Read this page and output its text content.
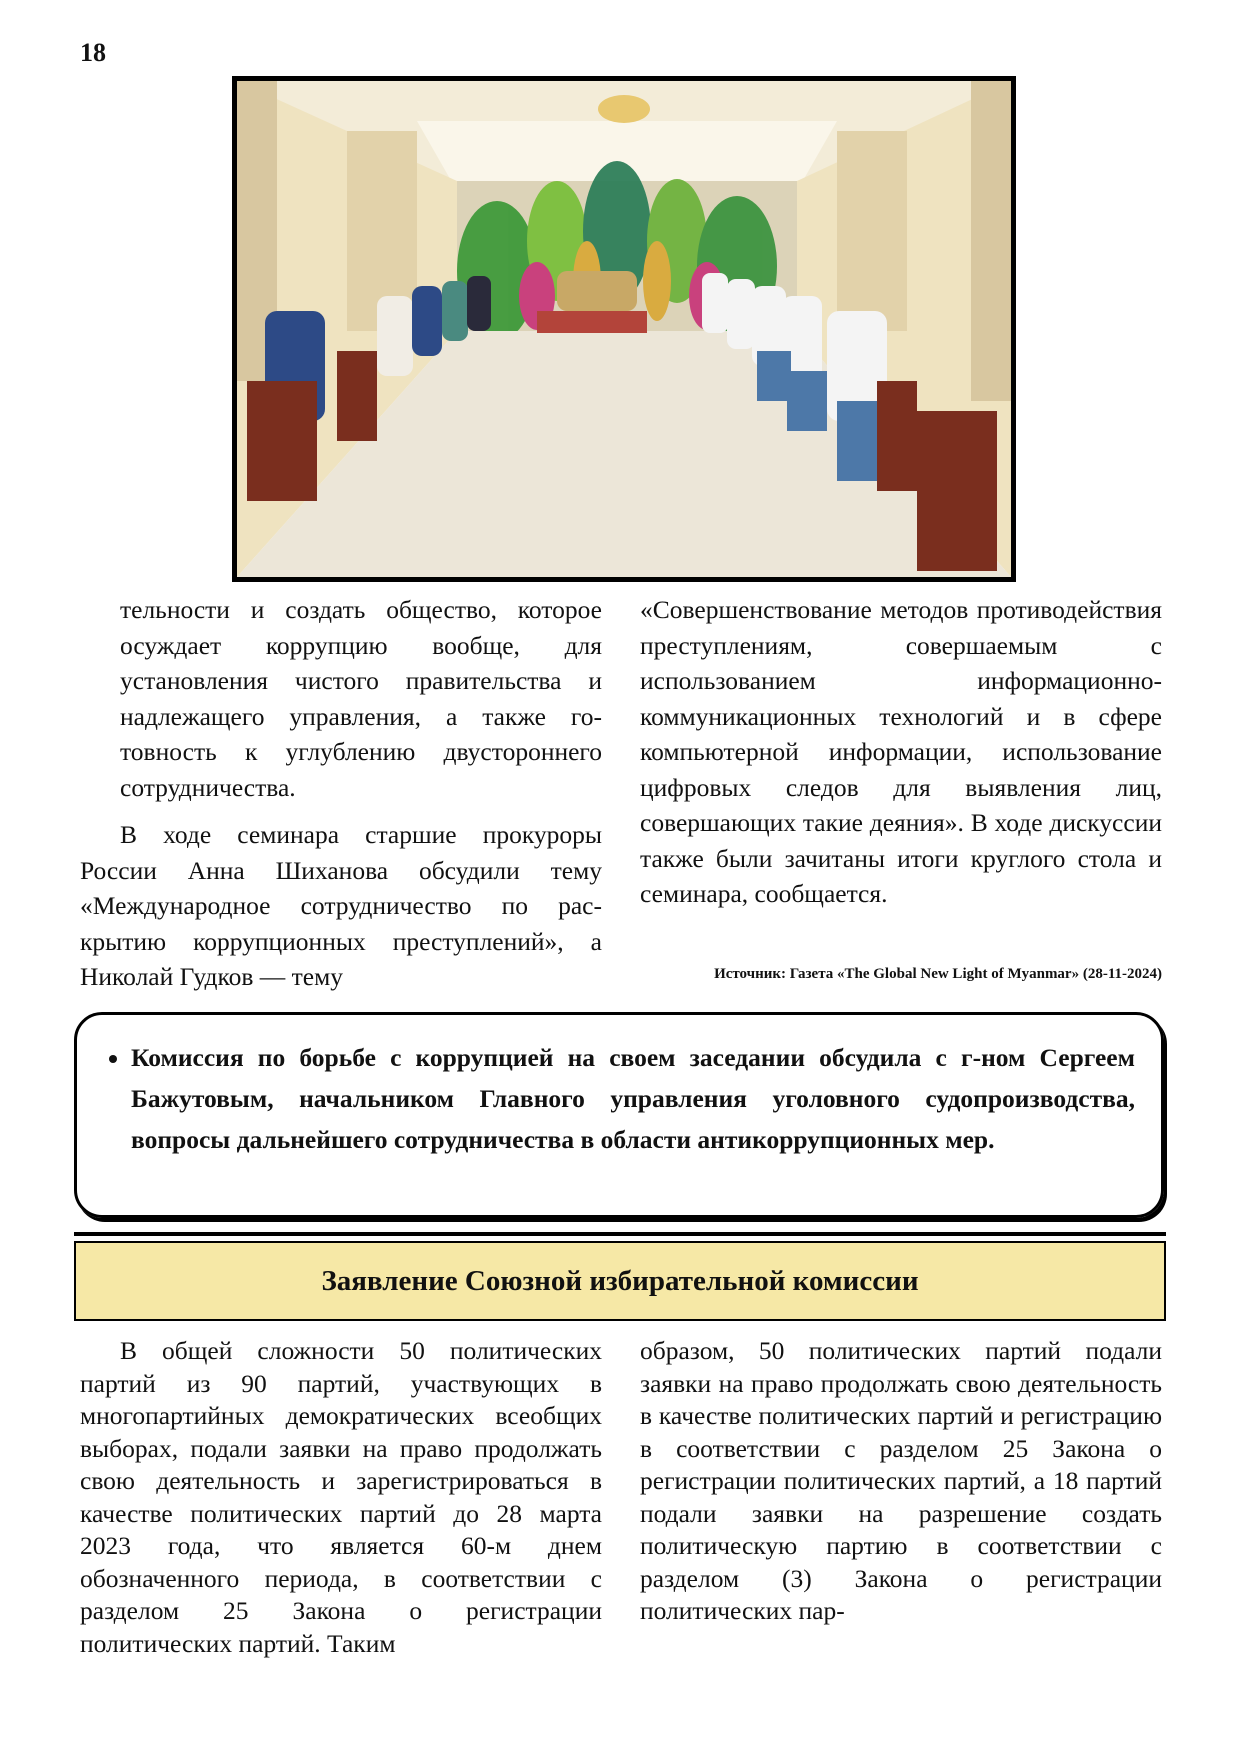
18

тельности и создать общество, которое осуждает коррупцию вообще, для установления чистого правительства и надлежащего управления, а также готовность к углублению двустороннего сотрудничества.

В ходе семинара старшие прокуроры России Анна Шиханова обсудили тему «Международное сотрудничество по раскрытию коррупционных преступлений», а Николай Гудков — тему

«Совершенствование методов противодействия преступлениям, совершаемым с использованием информационно-коммуникационных технологий и в сфере компьютерной информации, использование цифровых следов для выявления лиц, совершающих такие деяния». В ходе дискуссии также были зачитаны итоги круглого стола и семинара, сообщается.

Источник: Газета «The Global New Light of Myanmar» (28-11-2024)
• Комиссия по борьбе с коррупцией на своем заседании обсудила с г-ном Сергеем Бажутовым, начальником Главного управления уголовного судопроизводства, вопросы дальнейшего сотрудничества в области антикоррупционных мер.
Заявление Союзной избирательной комиссии

В общей сложности 50 политических партий из 90 партий, участвующих в многопартийных демократических всеобщих выборах, подали заявки на право продолжать свою деятельность и зарегистрироваться в качестве политических партий до 28 марта 2023 года, что является 60-м днем обозначенного периода, в соответствии с разделом 25 Закона о регистрации политических партий. Таким

образом, 50 политических партий подали заявки на право продолжать свою деятельность в качестве политических партий и регистрацию в соответствии с разделом 25 Закона о регистрации политических партий, а 18 партий подали заявки на разрешение создать политическую партию в соответствии с разделом (3) Закона о регистрации политических пар-
